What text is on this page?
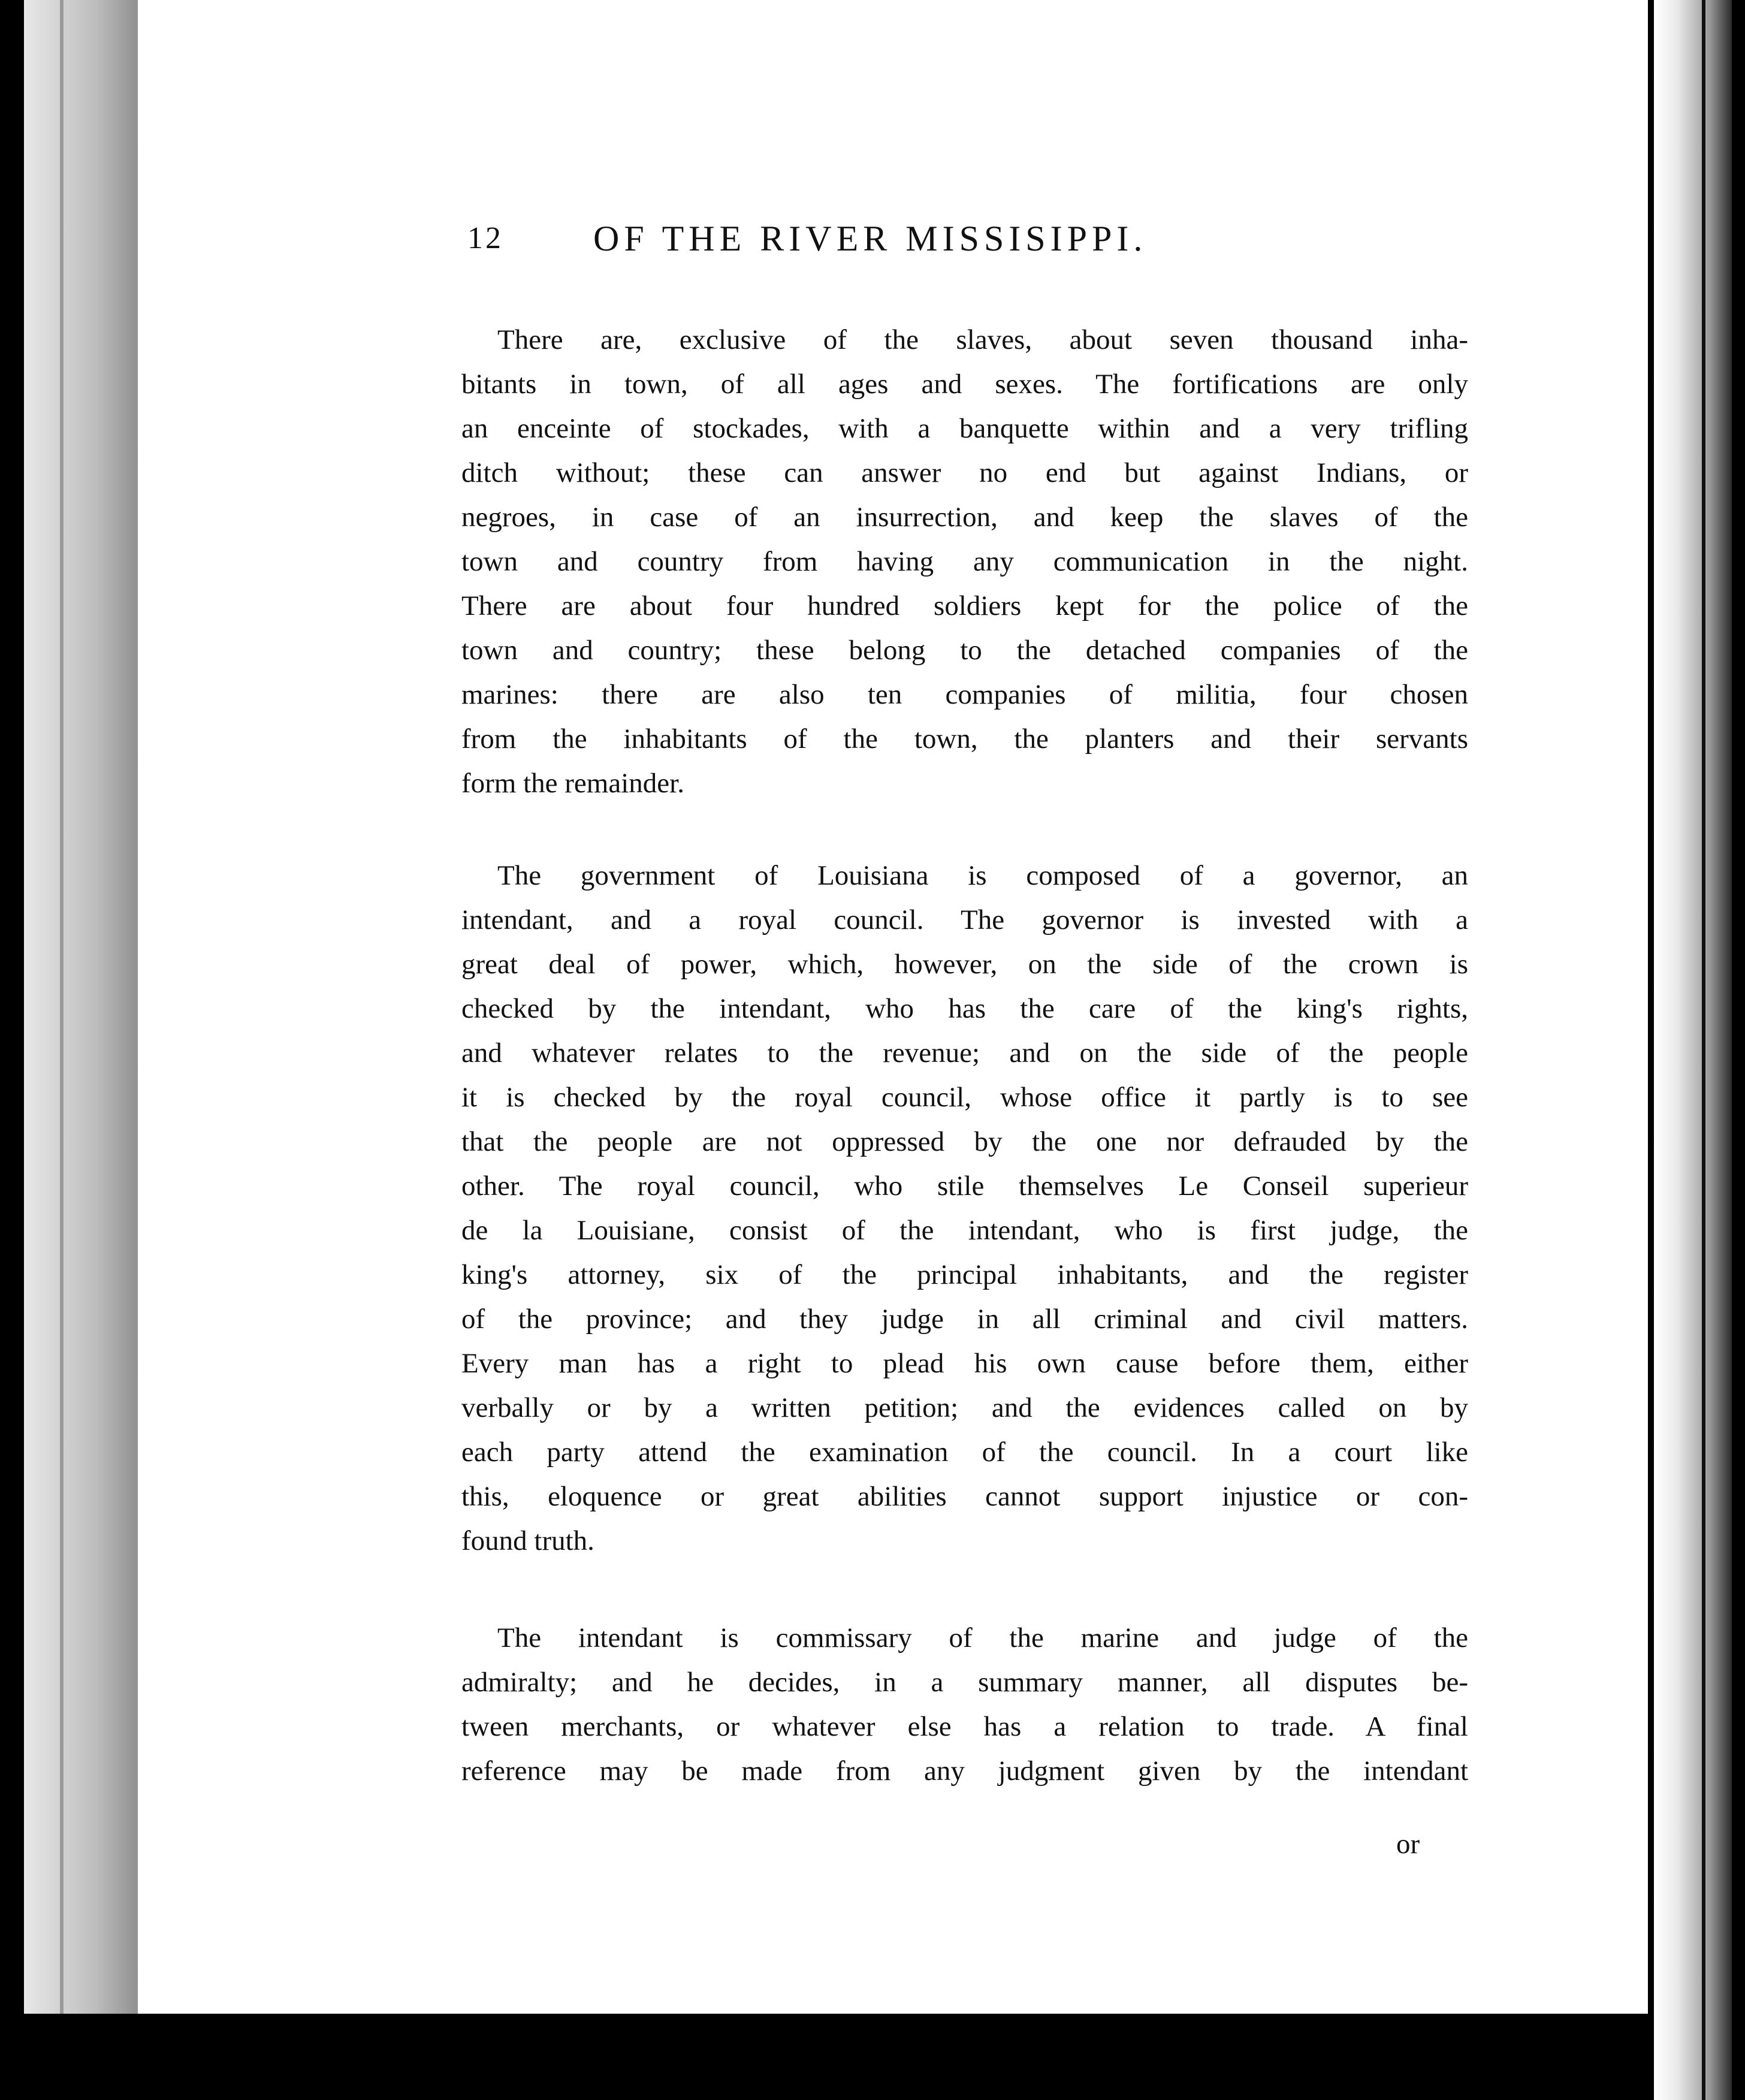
12	OF THE RIVER MISSISIPPI.

There are, exclusive of the slaves, about seven thousand inha-
bitants in town, of all ages and sexes. The fortifications are only
an enceinte of stockades, with a banquette within and a very trifling
ditch without; these can answer no end but against Indians, or
negroes, in case of an insurrection, and keep the slaves of the
town and country from having any communication in the night.
There are about four hundred soldiers kept for the police of the
town and country; these belong to the detached companies of the
marines: there are also ten companies of militia, four chosen
from the inhabitants of the town, the planters and their servants
form the remainder.

The government of Louisiana is composed of a governor, an
intendant, and a royal council. The governor is invested with a
great deal of power, which, however, on the side of the crown is
checked by the intendant, who has the care of the king's rights,
and whatever relates to the revenue; and on the side of the people
it is checked by the royal council, whose office it partly is to see
that the people are not oppressed by the one nor defrauded by the
other. The royal council, who stile themselves Le Conseil superieur
de la Louisiane, consist of the intendant, who is first judge, the
king's attorney, six of the principal inhabitants, and the register
of the province; and they judge in all criminal and civil matters.
Every man has a right to plead his own cause before them, either
verbally or by a written petition; and the evidences called on by
each party attend the examination of the council. In a court like
this, eloquence or great abilities cannot support injustice or con-
found truth.

The intendant is commissary of the marine and judge of the
admiralty; and he decides, in a summary manner, all disputes be-
tween merchants, or whatever else has a relation to trade. A final
reference may be made from any judgment given by the intendant

or
